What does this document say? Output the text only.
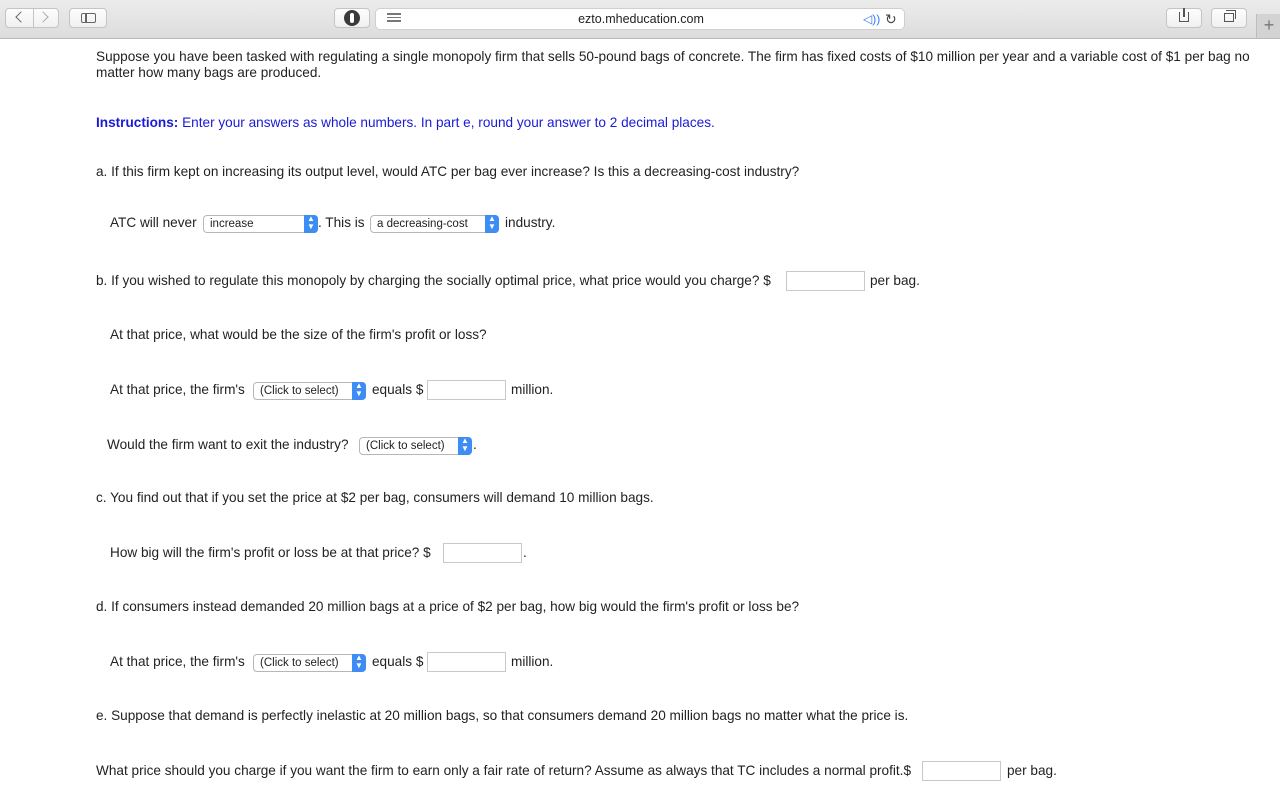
ezto.mheducation.com	◁)) ↻	+
Suppose you have been tasked with regulating a single monopoly firm that sells 50-pound bags of concrete. The firm has fixed costs of $10 million per year and a variable cost of $1 per bag no matter how many bags are produced.
Instructions: Enter your answers as whole numbers. In part e, round your answer to 2 decimal places.
a. If this firm kept on increasing its output level, would ATC per bag ever increase? Is this a decreasing-cost industry?
ATC will never	increase	▲
▼ . This is	a decreasing-cost	▲
▼ industry.
b. If you wished to regulate this monopoly by charging the socially optimal price, what price would you charge? $	per bag.
At that price, what would be the size of the firm's profit or loss?
At that price, the firm's	(Click to select)	▲
▼ equals $	million.
Would the firm want to exit the industry?	(Click to select)	▲
▼ .
c. You find out that if you set the price at $2 per bag, consumers will demand 10 million bags.
How big will the firm's profit or loss be at that price? $	.
d. If consumers instead demanded 20 million bags at a price of $2 per bag, how big would the firm's profit or loss be?
At that price, the firm's	(Click to select)	▲
▼ equals $	million.
e. Suppose that demand is perfectly inelastic at 20 million bags, so that consumers demand 20 million bags no matter what the price is.
What price should you charge if you want the firm to earn only a fair rate of return? Assume as always that TC includes a normal profit.$	per bag.
